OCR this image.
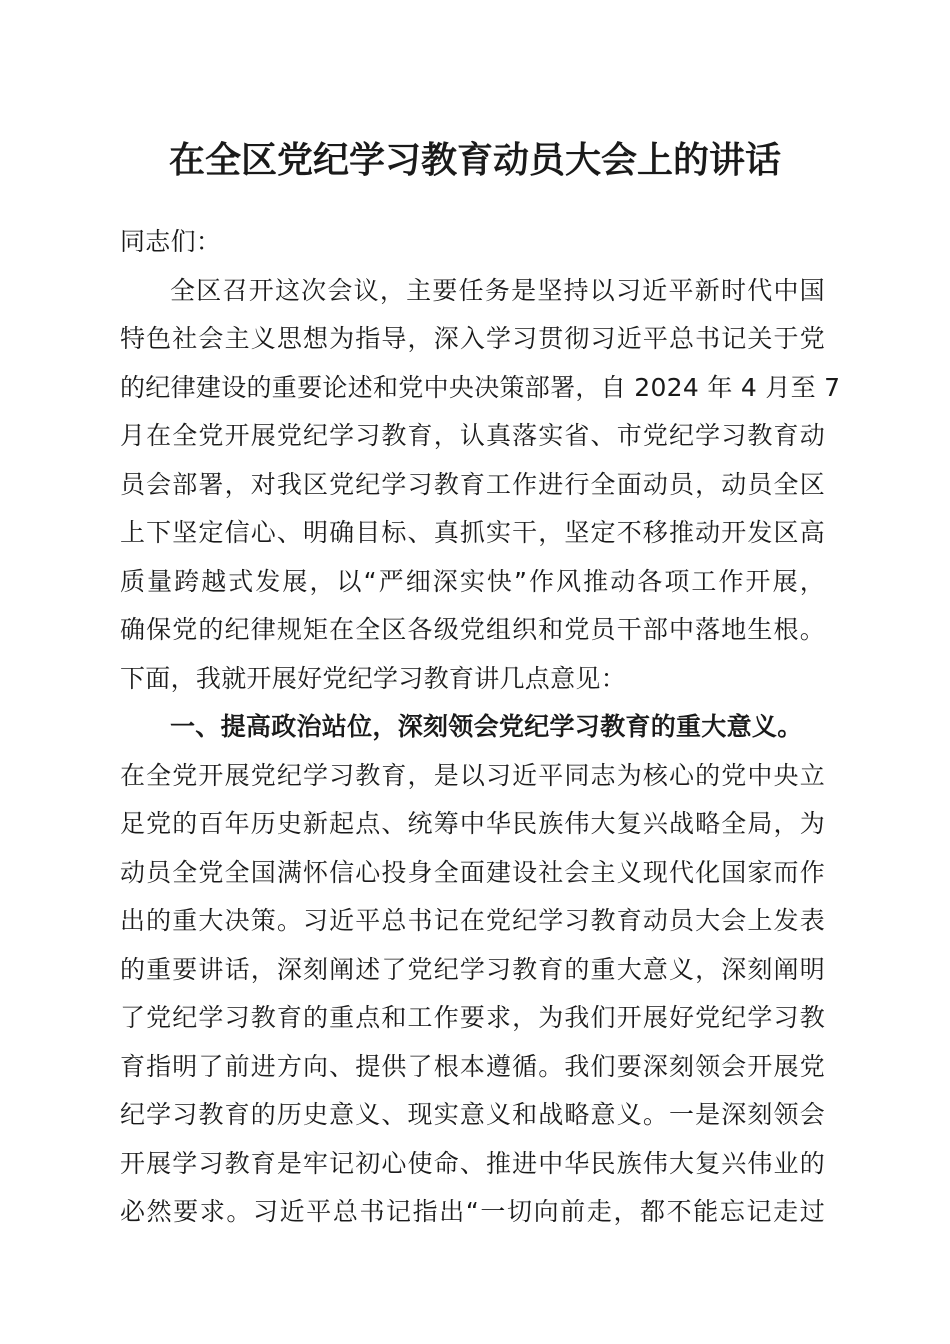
在全区党纪学习教育动员大会上的讲话
同志们：
全区召开这次会议，主要任务是坚持以习近平新时代中国
特色社会主义思想为指导，深入学习贯彻习近平总书记关于党
的纪律建设的重要论述和党中央决策部署，自 2024 年 4 月至 7
月在全党开展党纪学习教育，认真落实省、市党纪学习教育动
员会部署，对我区党纪学习教育工作进行全面动员，动员全区
上下坚定信心、明确目标、真抓实干，坚定不移推动开发区高
质量跨越式发展，以“严细深实快”作风推动各项工作开展，
确保党的纪律规矩在全区各级党组织和党员干部中落地生根。
下面，我就开展好党纪学习教育讲几点意见：
一、提高政治站位，深刻领会党纪学习教育的重大意义。
在全党开展党纪学习教育，是以习近平同志为核心的党中央立
足党的百年历史新起点、统筹中华民族伟大复兴战略全局，为
动员全党全国满怀信心投身全面建设社会主义现代化国家而作
出的重大决策。习近平总书记在党纪学习教育动员大会上发表
的重要讲话，深刻阐述了党纪学习教育的重大意义，深刻阐明
了党纪学习教育的重点和工作要求，为我们开展好党纪学习教
育指明了前进方向、提供了根本遵循。我们要深刻领会开展党
纪学习教育的历史意义、现实意义和战略意义。一是深刻领会
开展学习教育是牢记初心使命、推进中华民族伟大复兴伟业的
必然要求。习近平总书记指出“一切向前走，都不能忘记走过
